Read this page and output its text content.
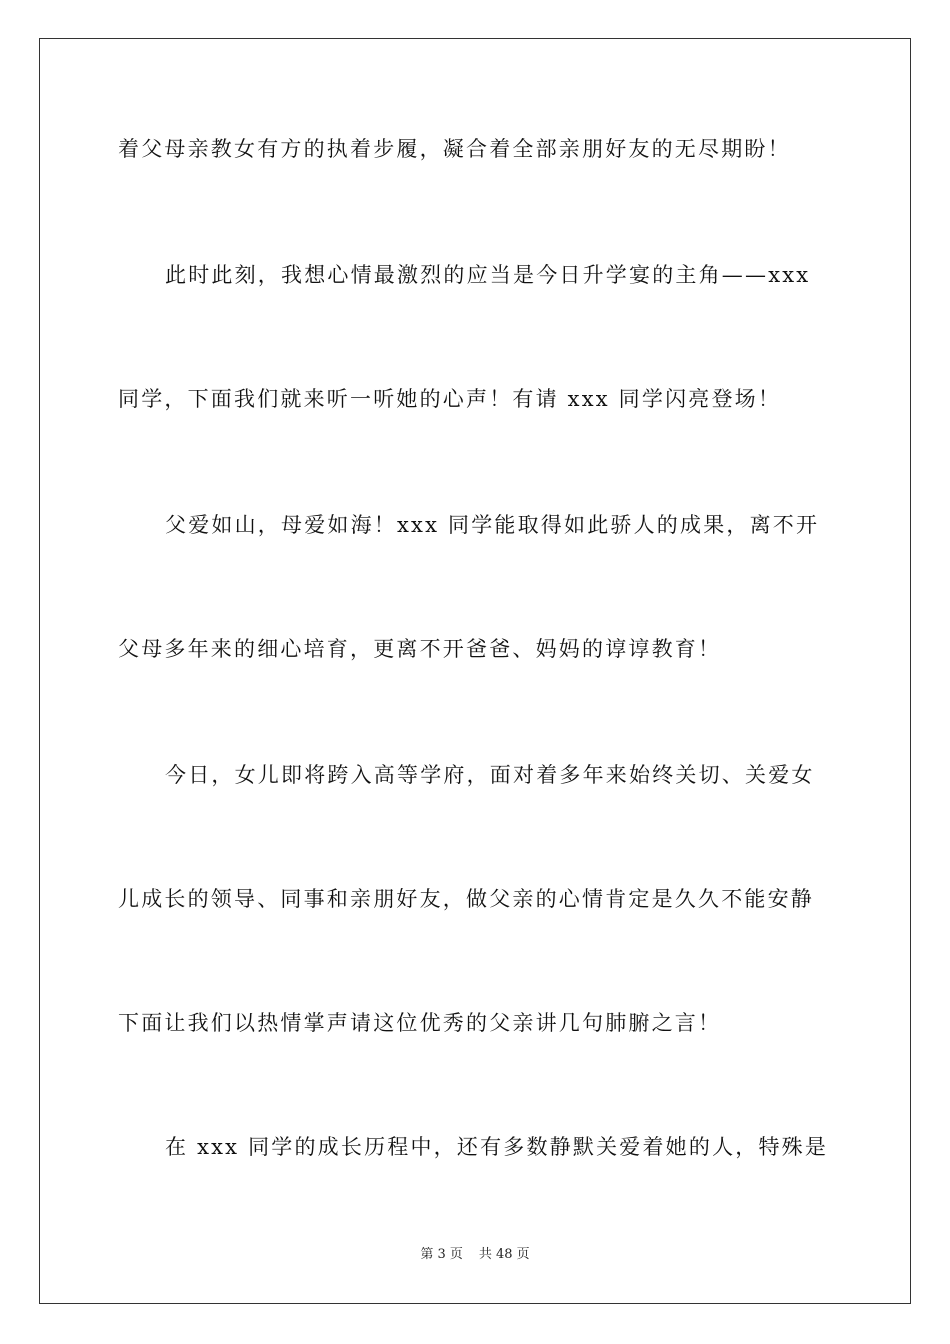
着父母亲教女有方的执着步履，凝合着全部亲朋好友的无尽期盼！
此时此刻，我想心情最激烈的应当是今日升学宴的主角——xxx
同学，下面我们就来听一听她的心声！有请 xxx 同学闪亮登场！
父爱如山，母爱如海！xxx 同学能取得如此骄人的成果，离不开
父母多年来的细心培育，更离不开爸爸、妈妈的谆谆教育！
今日，女儿即将跨入高等学府，面对着多年来始终关切、关爱女
儿成长的领导、同事和亲朋好友，做父亲的心情肯定是久久不能安静
下面让我们以热情掌声请这位优秀的父亲讲几句肺腑之言！
在 xxx 同学的成长历程中，还有多数静默关爱着她的人，特殊是
第 3 页 共 48 页
